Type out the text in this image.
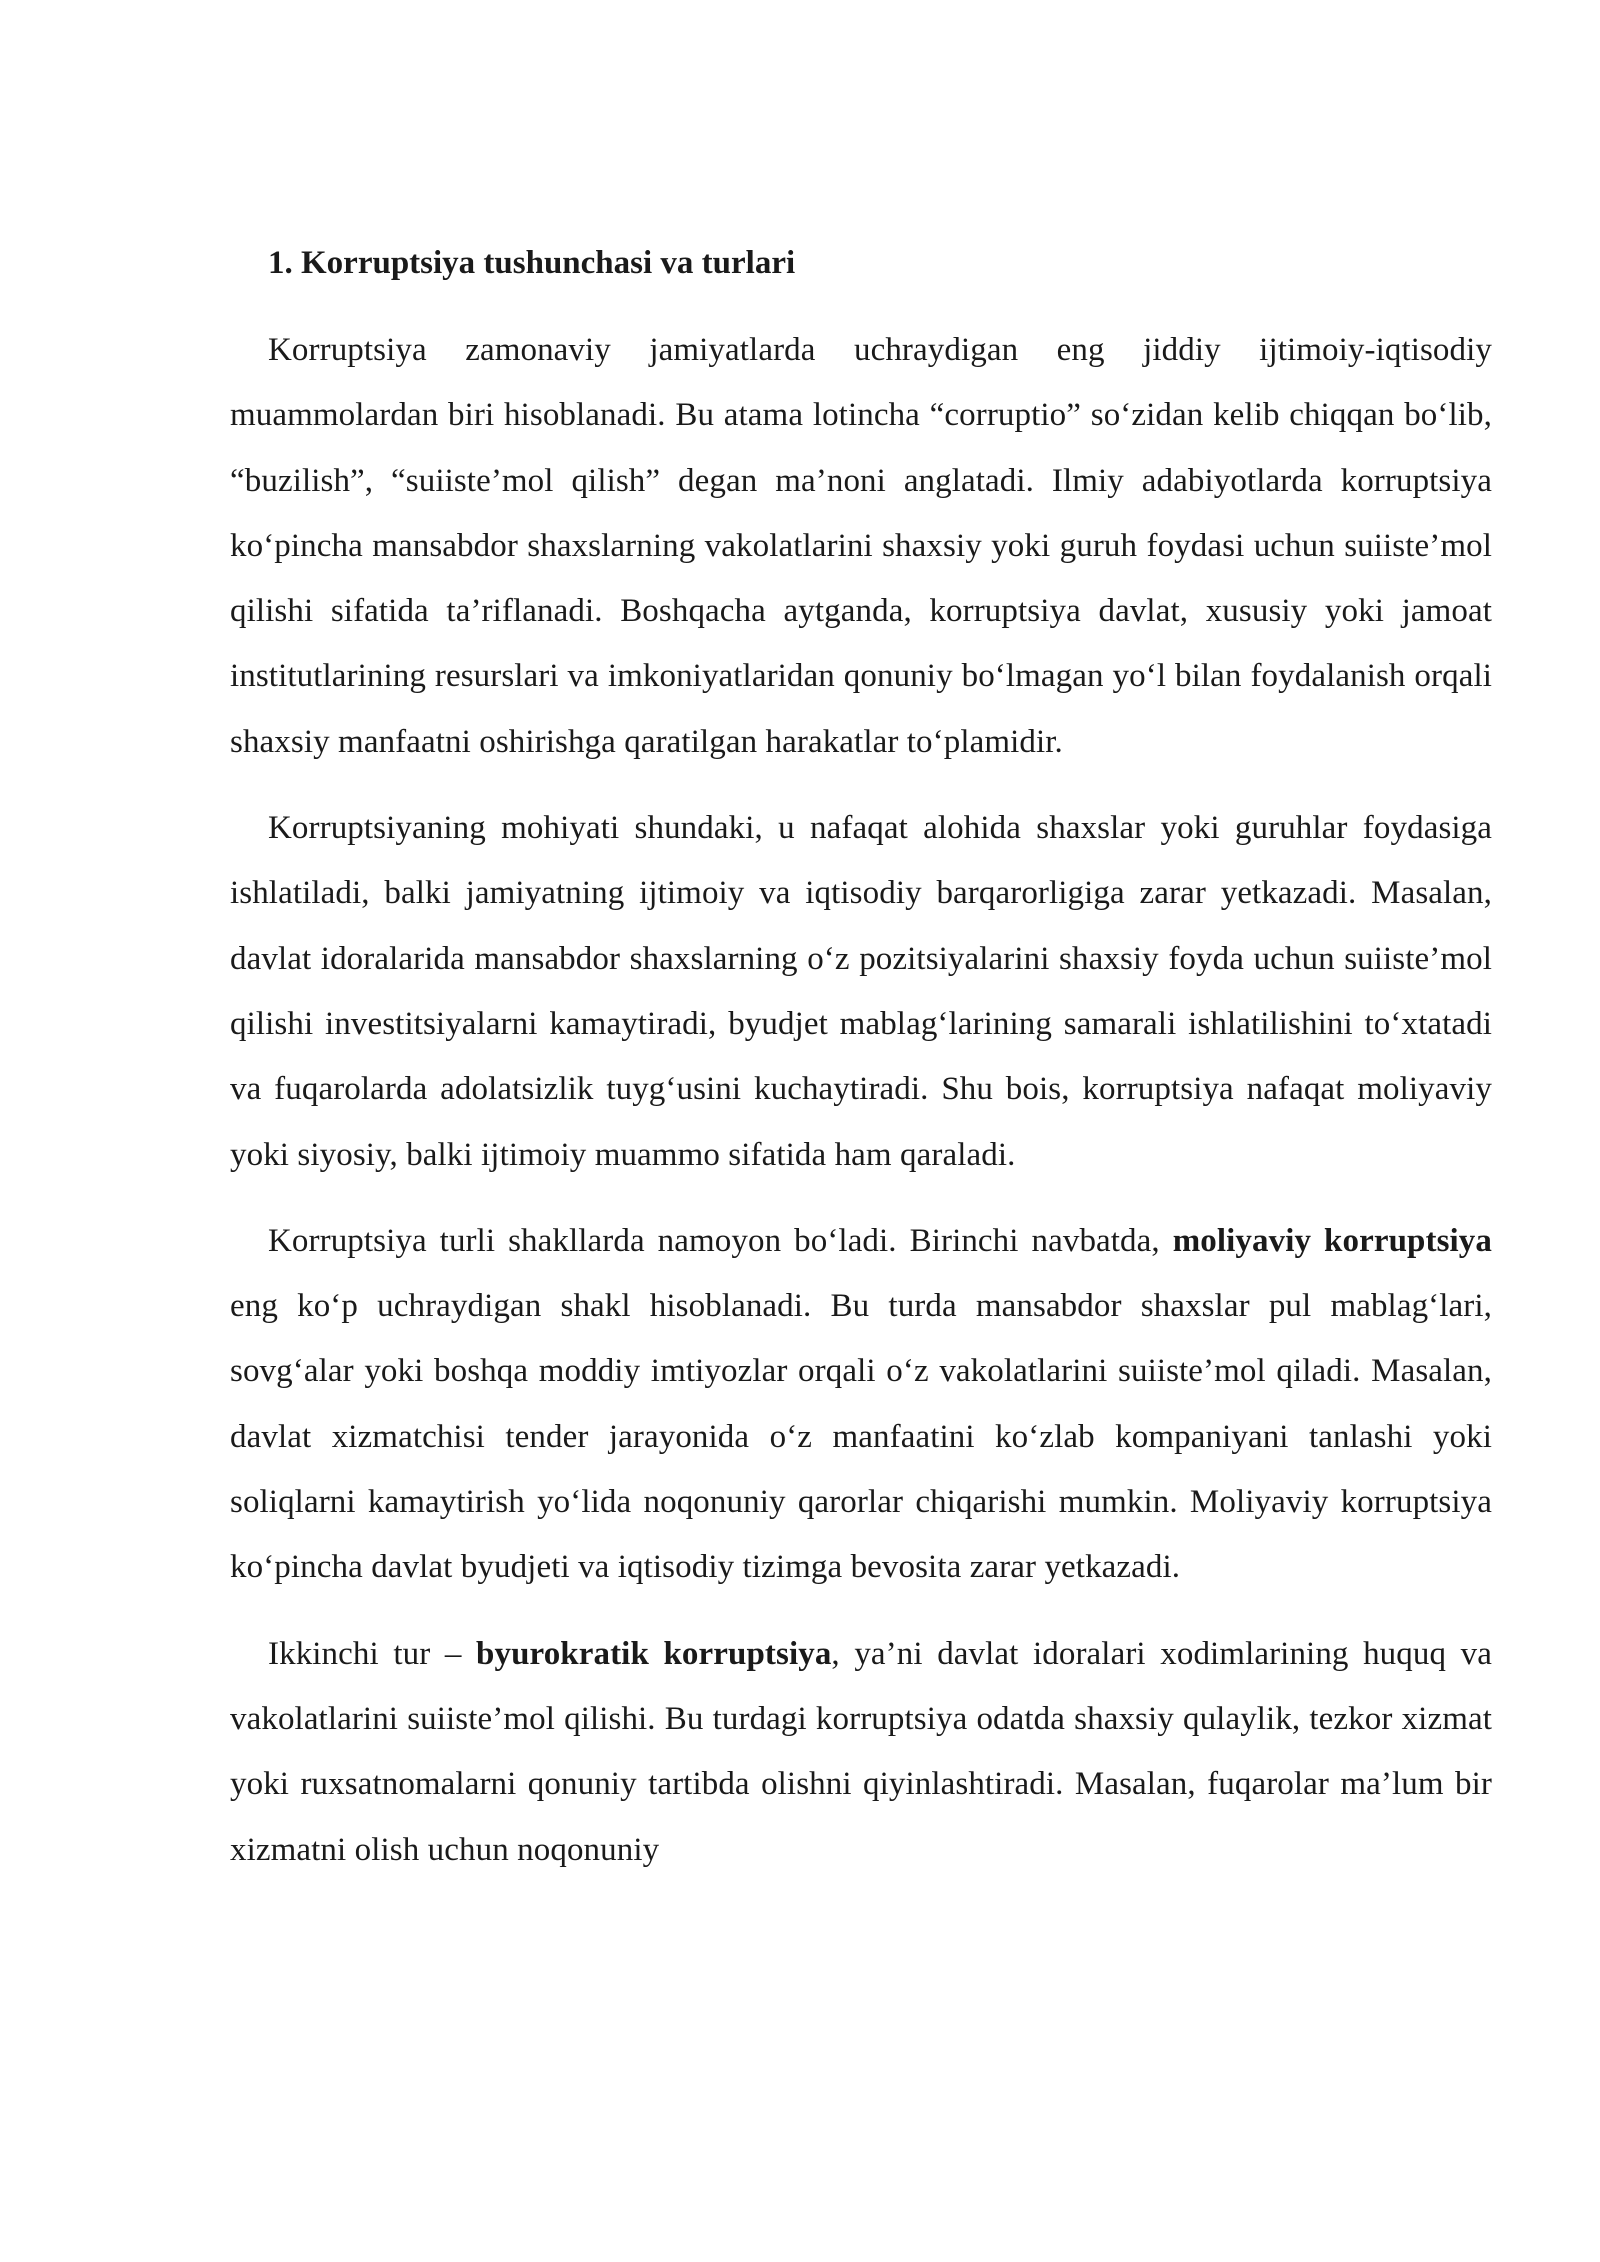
1. Korruptsiya tushunchasi va turlari

Korruptsiya zamonaviy jamiyatlarda uchraydigan eng jiddiy ijtimoiy-iqtisodiy muammolardan biri hisoblanadi. Bu atama lotincha “corruptio” so‘zidan kelib chiqqan bo‘lib, “buzilish”, “suiiste’mol qilish” degan ma’noni anglatadi. Ilmiy adabiyotlarda korruptsiya ko‘pincha mansabdor shaxslarning vakolatlarini shaxsiy yoki guruh foydasi uchun suiiste’mol qilishi sifatida ta’riflanadi. Boshqacha aytganda, korruptsiya davlat, xususiy yoki jamoat institutlarining resurslari va imkoniyatlaridan qonuniy bo‘lmagan yo‘l bilan foydalanish orqali shaxsiy manfaatni oshirishga qaratilgan harakatlar to‘plamidir.

Korruptsiyaning mohiyati shundaki, u nafaqat alohida shaxslar yoki guruhlar foydasiga ishlatiladi, balki jamiyatning ijtimoiy va iqtisodiy barqarorligiga zarar yetkazadi. Masalan, davlat idoralarida mansabdor shaxslarning o‘z pozitsiyalarini shaxsiy foyda uchun suiiste’mol qilishi investitsiyalarni kamaytiradi, byudjet mablag‘larining samarali ishlatilishini to‘xtatadi va fuqarolarda adolatsizlik tuyg‘usini kuchaytiradi. Shu bois, korruptsiya nafaqat moliyaviy yoki siyosiy, balki ijtimoiy muammo sifatida ham qaraladi.

Korruptsiya turli shakllarda namoyon bo‘ladi. Birinchi navbatda, moliyaviy korruptsiya eng ko‘p uchraydigan shakl hisoblanadi. Bu turda mansabdor shaxslar pul mablag‘lari, sovg‘alar yoki boshqa moddiy imtiyozlar orqali o‘z vakolatlarini suiiste’mol qiladi. Masalan, davlat xizmatchisi tender jarayonida o‘z manfaatini ko‘zlab kompaniyani tanlashi yoki soliqlarni kamaytirish yo‘lida noqonuniy qarorlar chiqarishi mumkin. Moliyaviy korruptsiya ko‘pincha davlat byudjeti va iqtisodiy tizimga bevosita zarar yetkazadi.

Ikkinchi tur – byurokratik korruptsiya, ya’ni davlat idoralari xodimlarining huquq va vakolatlarini suiiste’mol qilishi. Bu turdagi korruptsiya odatda shaxsiy qulaylik, tezkor xizmat yoki ruxsatnomalarni qonuniy tartibda olishni qiyinlashtiradi. Masalan, fuqarolar ma’lum bir xizmatni olish uchun noqonuniy
